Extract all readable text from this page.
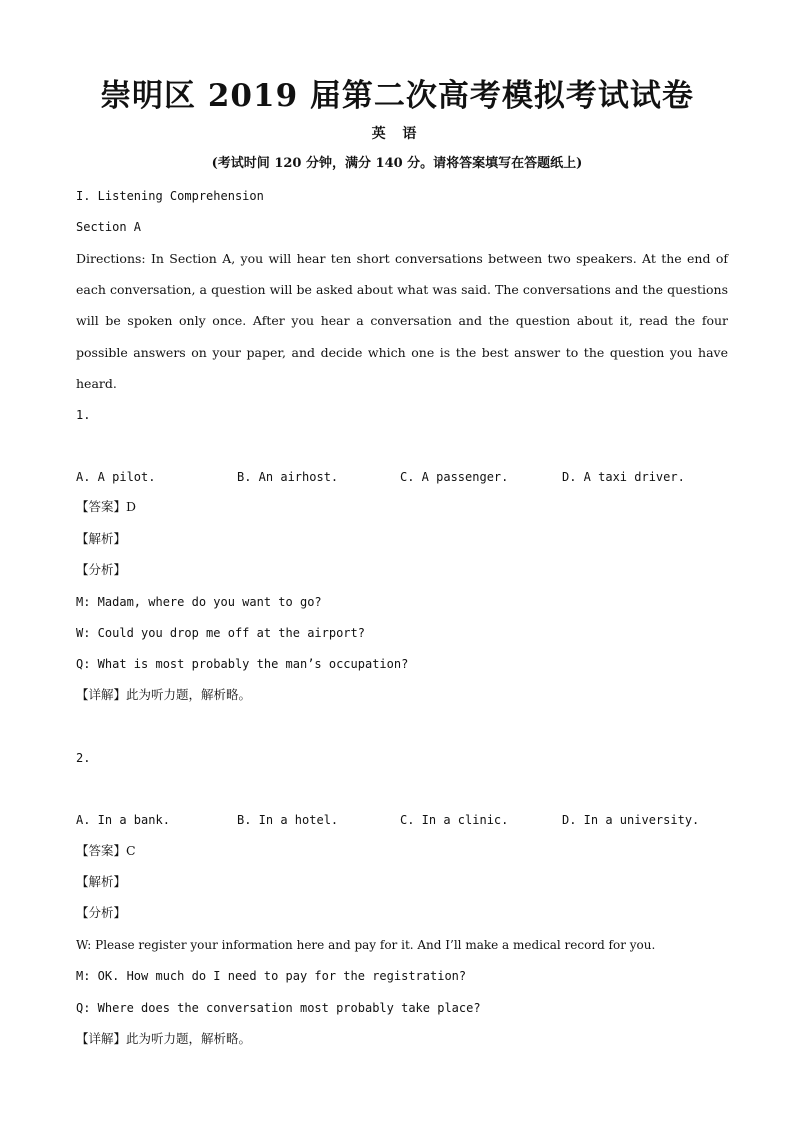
崇明区 2019 届第二次高考模拟考试试卷
英 语
(考试时间 120 分钟，满分 140 分。请将答案填写在答题纸上)
I. Listening Comprehension
Section A

Directions: In Section A, you will hear ten short conversations between two speakers. At the end of each conversation, a question will be asked about what was said. The conversations and the questions will be spoken only once. After you hear a conversation and the question about it, read the four possible answers on your paper, and decide which one is the best answer to the question you have heard.

1.
A. A pilot.	B. An airhost.	C. A passenger.	D. A taxi driver.
【答案】D
【解析】
【分析】
M: Madam, where do you want to go?
W: Could you drop me off at the airport?
Q: What is most probably the man’s occupation?
【详解】此为听力题，解析略。
2.
A. In a bank.	B. In a hotel.	C. In a clinic.	D. In a university.
【答案】C
【解析】
【分析】
W: Please register your information here and pay for it. And I’ll make a medical record for you.
M: OK. How much do I need to pay for the registration?
Q: Where does the conversation most probably take place?
【详解】此为听力题，解析略。
